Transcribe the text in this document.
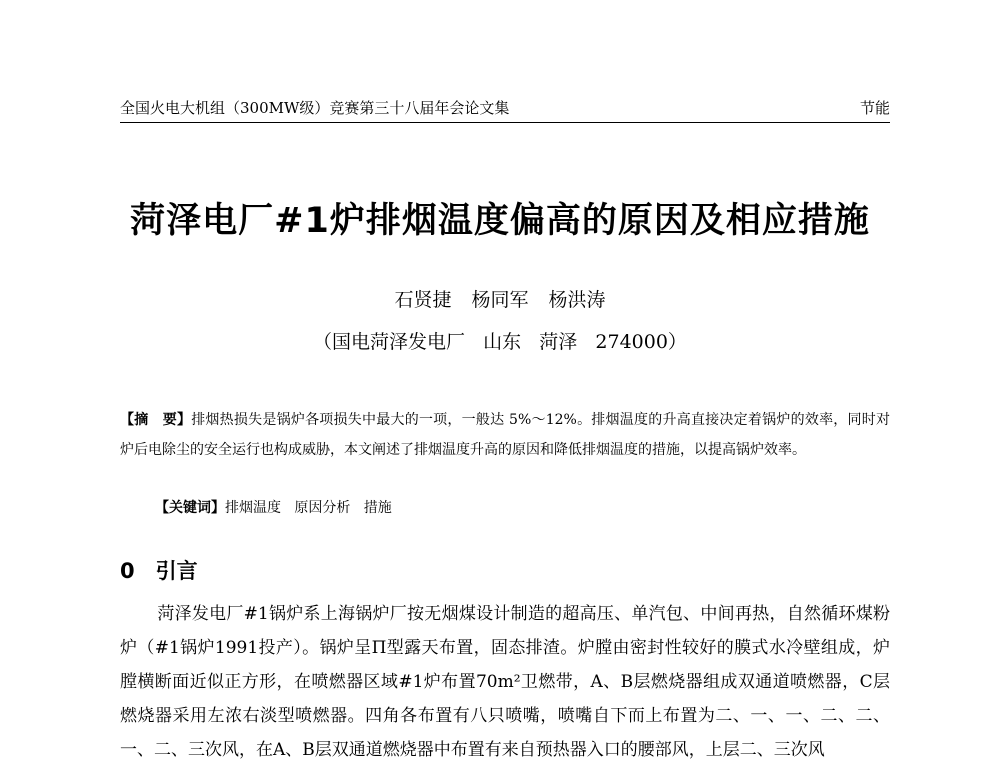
全国火电大机组（300MW级）竞赛第三十八届年会论文集	节能
菏泽电厂#1炉排烟温度偏高的原因及相应措施
石贤捷 杨同军 杨洪涛
（国电菏泽发电厂   山东   菏泽   274000）
【摘　要】排烟热损失是锅炉各项损失中最大的一项，一般达 5%～12%。排烟温度的升高直接决定着锅炉的效率，同时对炉后电除尘的安全运行也构成威胁，本文阐述了排烟温度升高的原因和降低排烟温度的措施，以提高锅炉效率。
【关键词】排烟温度   原因分析   措施
0　引言

菏泽发电厂#1锅炉系上海锅炉厂按无烟煤设计制造的超高压、单汽包、中间再热，自然循环煤粉炉（#1锅炉1991投产）。锅炉呈Π型露天布置，固态排渣。炉膛由密封性较好的膜式水冷壁组成，炉膛横断面近似正方形，在喷燃器区域#1炉布置70m²卫燃带，A、B层燃烧器组成双通道喷燃器，C层燃烧器采用左浓右淡型喷燃器。四角各布置有八只喷嘴，喷嘴自下而上布置为二、一、一、二、二、一、二、三次风，在A、B层双通道燃烧器中布置有来自预热器入口的腰部风，上层二、三次风
